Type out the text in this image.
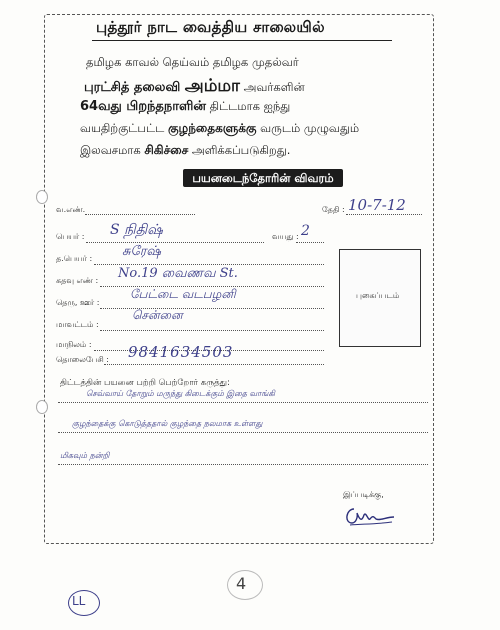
புத்தூர் நாட வைத்திய சாலையில்
தமிழக காவல் தெய்வம் தமிழக முதல்வர்
புரட்சித் தலைவி அம்மா அவர்களின்
64வது பிறந்தநாளின் திட்டமாக ஐந்து
வயதிற்குட்பட்ட குழந்தைகளுக்கு வருடம் முழுவதும்
இலவசமாக சிகிச்சை அளிக்கப்படுகிறது.
பயனடைந்தோரின் விவரம்
வ.எண்.	தேதி : 10-7-12
பெயர் : S நிதிஷ்	வயது : 2
த.பெயர் : சுரேஷ்
கதவு எண் : No.19 வைணவ St.
தெரு, ஊர் :
பேட்டை வடபழனி
மாவட்டம் :
சென்னை
மாநிலம் :
தொலைபேசி : 9841634503
புகைப்படம்
திட்டத்தின் பயனை பற்றி பெற்றோர் கருத்து:
செவ்வாய் தோறும் மருந்து கிடைக்கும் இதை வாங்கி
குழந்தைக்கு கொடுத்ததால் குழந்தை நலமாக உள்ளது
மிகவும் நன்றி
இப்படிக்கு,
4
LL
